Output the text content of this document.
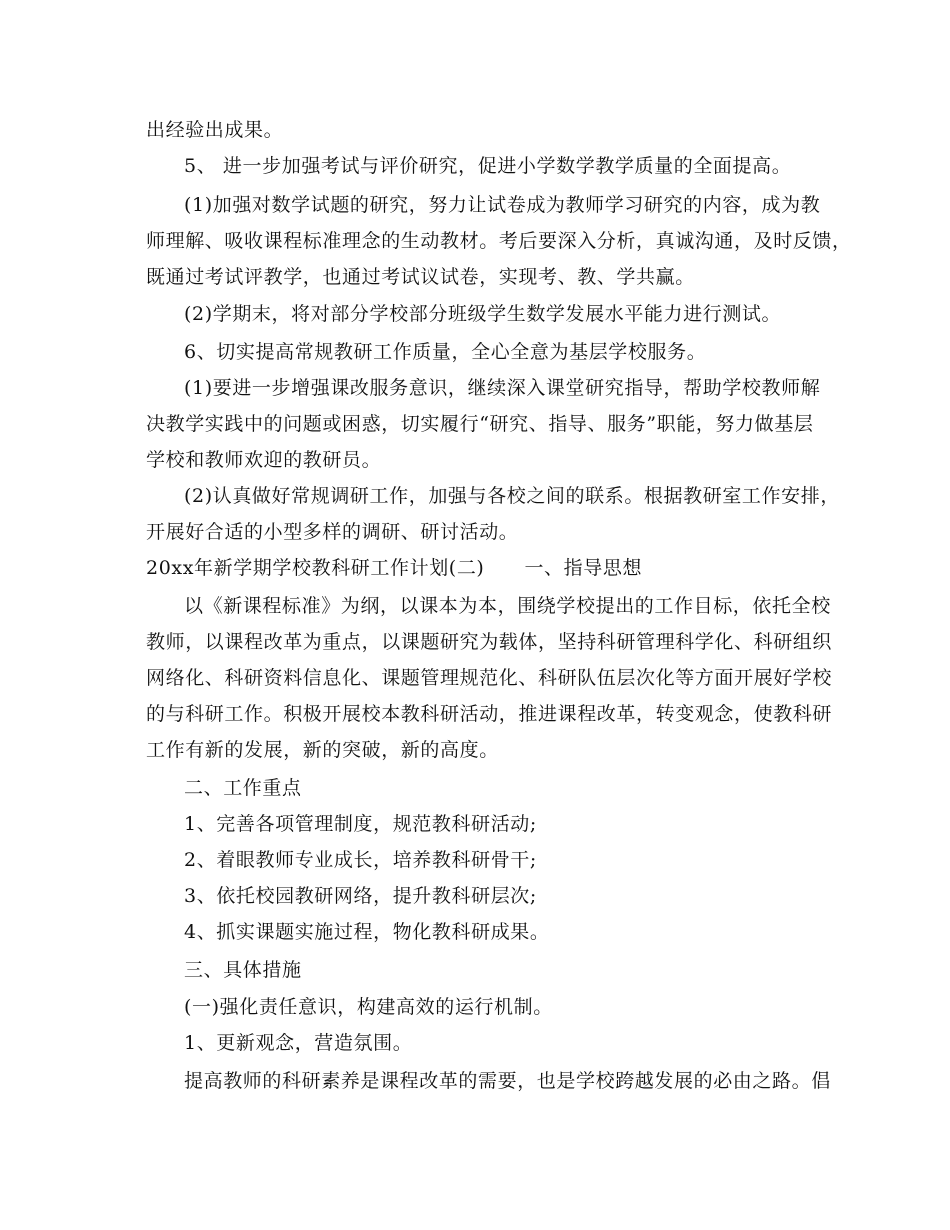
出经验出成果。
5、 进一步加强考试与评价研究，促进小学数学教学质量的全面提高。
(1)加强对数学试题的研究，努力让试卷成为教师学习研究的内容，成为教
师理解、吸收课程标准理念的生动教材。考后要深入分析，真诚沟通，及时反馈，
既通过考试评教学，也通过考试议试卷，实现考、教、学共赢。
(2)学期末，将对部分学校部分班级学生数学发展水平能力进行测试。
6、切实提高常规教研工作质量，全心全意为基层学校服务。
(1)要进一步增强课改服务意识，继续深入课堂研究指导，帮助学校教师解
决教学实践中的问题或困惑，切实履行“研究、指导、服务”职能，努力做基层
学校和教师欢迎的教研员。
(2)认真做好常规调研工作，加强与各校之间的联系。根据教研室工作安排，
开展好合适的小型多样的调研、研讨活动。
20xx年新学期学校教科研工作计划(二) 一、指导思想
以《新课程标准》为纲，以课本为本，围绕学校提出的工作目标，依托全校
教师，以课程改革为重点，以课题研究为载体，坚持科研管理科学化、科研组织
网络化、科研资料信息化、课题管理规范化、科研队伍层次化等方面开展好学校
的与科研工作。积极开展校本教科研活动，推进课程改革，转变观念，使教科研
工作有新的发展，新的突破，新的高度。
二、工作重点
1、完善各项管理制度，规范教科研活动;
2、着眼教师专业成长，培养教科研骨干;
3、依托校园教研网络，提升教科研层次;
4、抓实课题实施过程，物化教科研成果。
三、具体措施
(一)强化责任意识，构建高效的运行机制。
1、更新观念，营造氛围。
提高教师的科研素养是课程改革的需要，也是学校跨越发展的必由之路。倡
